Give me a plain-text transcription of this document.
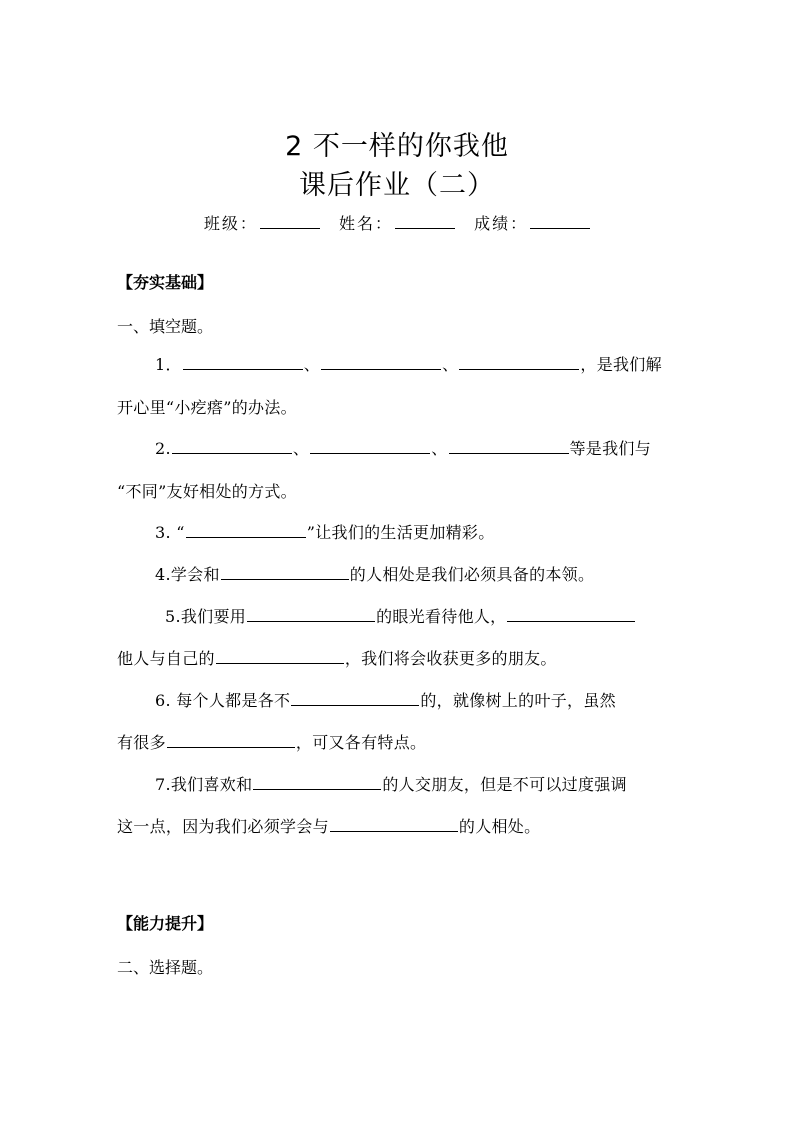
2 不一样的你我他
课后作业（二）
班级：	姓名：	成绩：
【夯实基础】
一、填空题。
1．	、	、	，是我们解
开心里“小疙瘩”的办法。
2.	、	、	等是我们与
“不同”友好相处的方式。
3. “	”让我们的生活更加精彩。
4.学会和	的人相处是我们必须具备的本领。
5.我们要用	的眼光看待他人，
他人与自己的	，我们将会收获更多的朋友。
6. 每个人都是各不	的，就像树上的叶子，虽然
有很多	，可又各有特点。
7.我们喜欢和	的人交朋友，但是不可以过度强调
这一点，因为我们必须学会与	的人相处。
【能力提升】
二、选择题。
